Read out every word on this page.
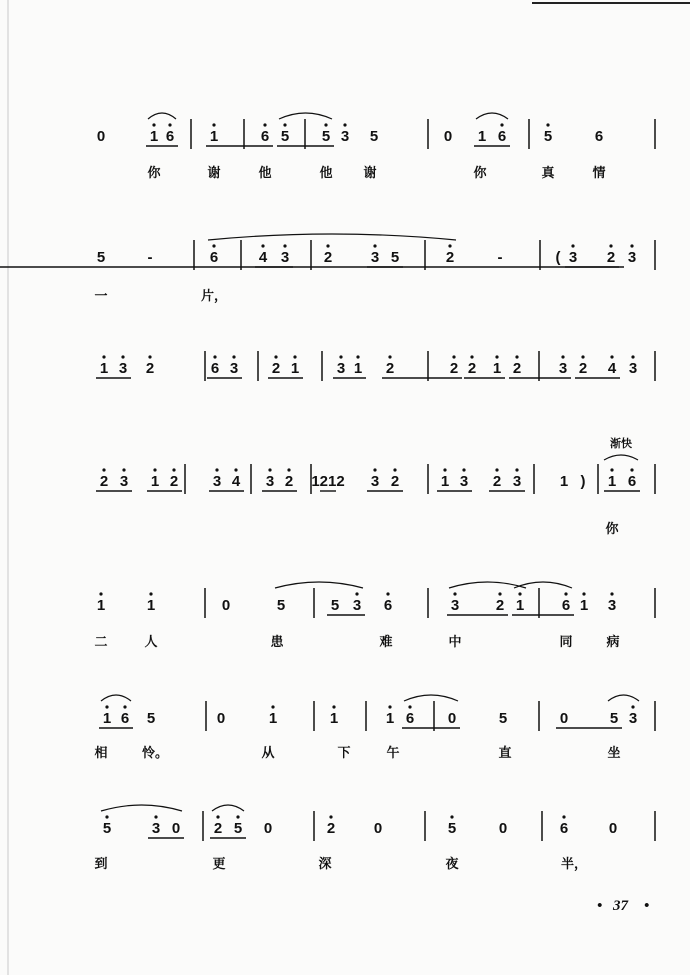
0	1 6 1	6 5 5 3 5	0 1 6	5	6
你	谢	他	他 谢	你	真	情
5	-	6	4 3 2	3 5	2	-	( 3 2 3
一	片，
1 3 2	6 3 2 1	3 1 2	2 2 1 2	3 2 4 3
2 3 1 2 3 4 3 2 1212 3 2	1 3 2 3	1 ) 1 6
你
1	1	0	5	5 3 6	3 2 1	6 1 3
二	人	患	难	中	同	病
1 6 5	0	1	1	1 6 0	5	0	5 3
相	怜。	从	下	午	直	坐
5	3 0 2 5 0	2	0	5	0	6	0
到	更	深	夜	半，
渐快
• 37 •
